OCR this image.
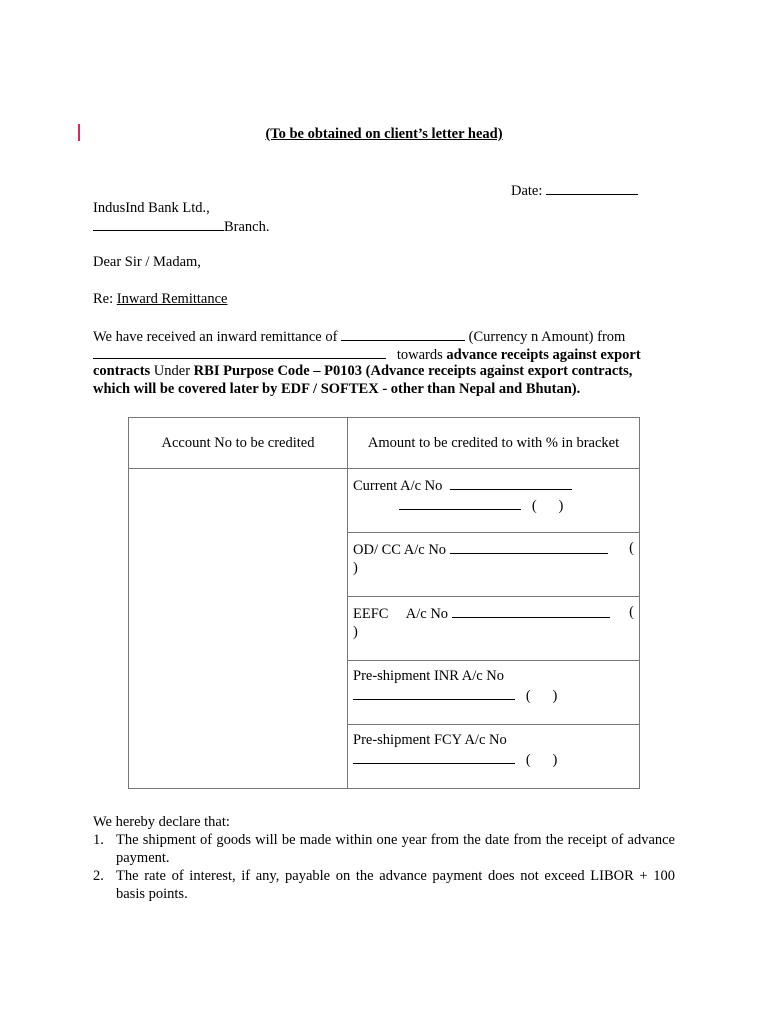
(To be obtained on client’s letter head)
Date:
IndusInd Bank Ltd.,
Branch.
Dear Sir / Madam,
Re: Inward Remittance
We have received an inward remittance of	(Currency n Amount) from
towards advance receipts against export
contracts Under RBI Purpose Code – P0103 (Advance receipts against export contracts,
which will be covered later by EDF / SOFTEX - other than Nepal and Bhutan).
Account No to be credited	Amount to be credited to with % in bracket

	Current A/c No
( )

	OD/ CC A/c No (
)

	EEFC     A/c No (
)

	Pre-shipment INR A/c No
( )

	Pre-shipment FCY A/c No
( )
We hereby declare that:
1. The shipment of goods will be made within one year from the date from the receipt of advance payment.
2. The rate of interest, if any, payable on the advance payment does not exceed LIBOR + 100 basis points.
